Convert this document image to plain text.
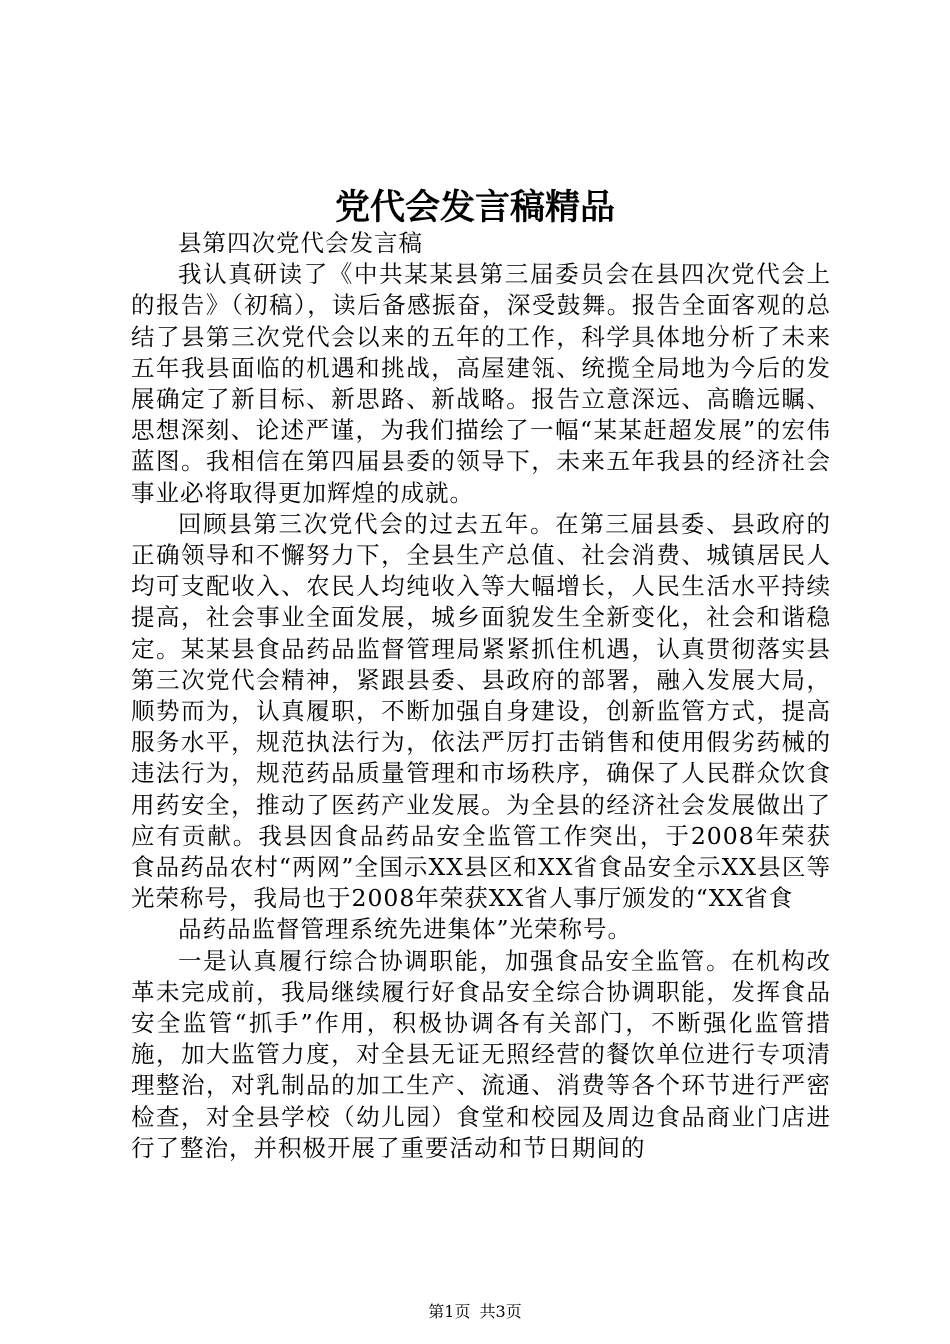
党代会发言稿精品

县第四次党代会发言稿

我认真研读了《中共某某县第三届委员会在县四次党代会上的报告》（初稿），读后备感振奋，深受鼓舞。报告全面客观的总结了县第三次党代会以来的五年的工作，科学具体地分析了未来五年我县面临的机遇和挑战，高屋建瓴、统揽全局地为今后的发展确定了新目标、新思路、新战略。报告立意深远、高瞻远瞩、思想深刻、论述严谨，为我们描绘了一幅“某某赶超发展”的宏伟蓝图。我相信在第四届县委的领导下，未来五年我县的经济社会事业必将取得更加辉煌的成就。

回顾县第三次党代会的过去五年。在第三届县委、县政府的正确领导和不懈努力下，全县生产总值、社会消费、城镇居民人均可支配收入、农民人均纯收入等大幅增长，人民生活水平持续提高，社会事业全面发展，城乡面貌发生全新变化，社会和谐稳定。某某县食品药品监督管理局紧紧抓住机遇，认真贯彻落实县第三次党代会精神，紧跟县委、县政府的部署，融入发展大局，顺势而为，认真履职，不断加强自身建设，创新监管方式，提高服务水平，规范执法行为，依法严厉打击销售和使用假劣药械的违法行为，规范药品质量管理和市场秩序，确保了人民群众饮食用药安全，推动了医药产业发展。为全县的经济社会发展做出了应有贡献。我县因食品药品安全监管工作突出，于2008年荣获食品药品农村“两网”全国示XX县区和XX省食品安全示XX县区等光荣称号，我局也于2008年荣获XX省人事厅颁发的“XX省食

品药品监督管理系统先进集体”光荣称号。

一是认真履行综合协调职能，加强食品安全监管。在机构改革未完成前，我局继续履行好食品安全综合协调职能，发挥食品安全监管“抓手”作用，积极协调各有关部门，不断强化监管措施，加大监管力度，对全县无证无照经营的餐饮单位进行专项清理整治，对乳制品的加工生产、流通、消费等各个环节进行严密检查，对全县学校（幼儿园）食堂和校园及周边食品商业门店进行了整治，并积极开展了重要活动和节日期间的

第1页 共3页
